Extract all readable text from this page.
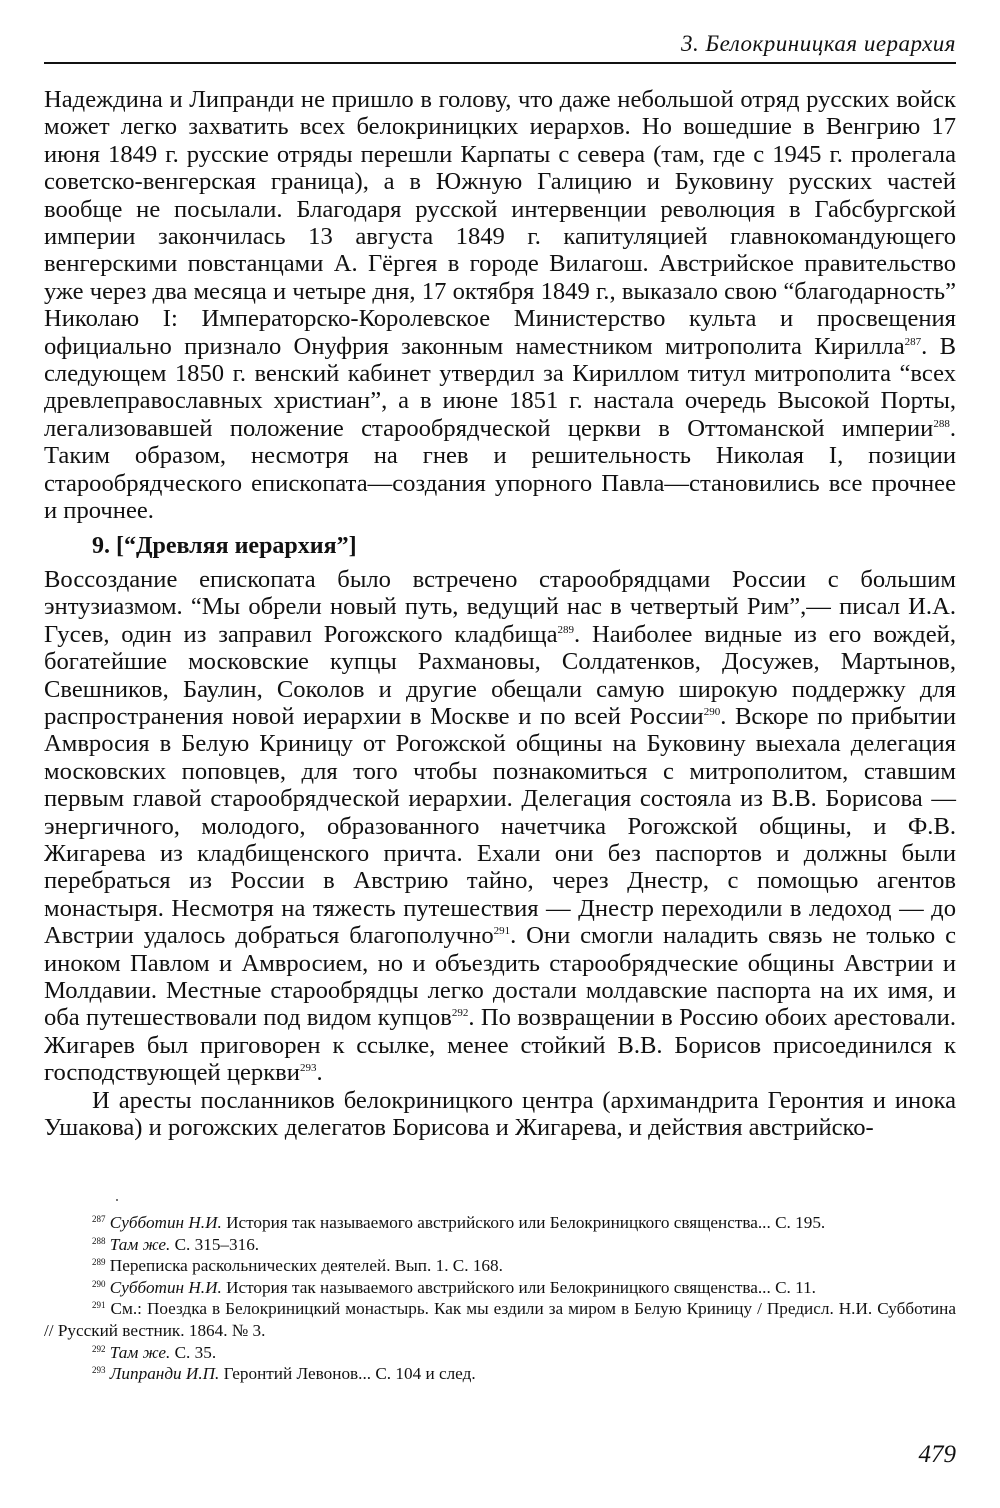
3. Белокриницкая иерархия

Надеждина и Липранди не пришло в голову, что даже небольшой отряд русских войск может легко захватить всех белокриницких иерархов. Но вошедшие в Венгрию 17 июня 1849 г. русские отряды перешли Карпаты с севера (там, где с 1945 г. пролегала советско-венгерская граница), а в Южную Галицию и Буковину русских частей вообще не посылали. Благодаря русской интервенции революция в Габсбургской империи закончилась 13 августа 1849 г. капитуляцией главнокомандующего венгерскими повстанцами А. Гёргея в городе Вилагош. Австрийское правительство уже через два месяца и четыре дня, 17 октября 1849 г., выказало свою “благодарность” Николаю I: Императорско-Королевское Министерство культа и просвещения официально признало Онуфрия законным наместником митрополита Кирилла$^{287}$. В следующем 1850 г. венский кабинет утвердил за Кириллом титул митрополита “всех древлеправославных христиан”, а в июне 1851 г. настала очередь Высокой Порты, легализовавшей положение старообрядческой церкви в Оттоманской империи$^{288}$. Таким образом, несмотря на гнев и решительность Николая I, позиции старообрядческого епископата—создания упорного Павла—становились все прочнее и прочнее.

9. [“Древляя иерархия”]

Воссоздание епископата было встречено старообрядцами России с большим энтузиазмом. “Мы обрели новый путь, ведущий нас в четвертый Рим”,— писал И.А. Гусев, один из заправил Рогожского кладбища$^{289}$. Наиболее видные из его вождей, богатейшие московские купцы Рахмановы, Солдатенков, Досужев, Мартынов, Свешников, Баулин, Соколов и другие обещали самую широкую поддержку для распространения новой иерархии в Москве и по всей России$^{290}$. Вскоре по прибытии Амвросия в Белую Криницу от Рогожской общины на Буковину выехала делегация московских поповцев, для того чтобы познакомиться с митрополитом, ставшим первым главой старообрядческой иерархии. Делегация состояла из В.В. Борисова — энергичного, молодого, образованного начетчика Рогожской общины, и Ф.В. Жигарева из кладбищенского причта. Ехали они без паспортов и должны были перебраться из России в Австрию тайно, через Днестр, с помощью агентов монастыря. Несмотря на тяжесть путешествия — Днестр переходили в ледоход — до Австрии удалось добраться благополучно$^{291}$. Они смогли наладить связь не только с иноком Павлом и Амвросием, но и объездить старообрядческие общины Австрии и Молдавии. Местные старообрядцы легко достали молдавские паспорта на их имя, и оба путешествовали под видом купцов$^{292}$. По возвращении в Россию обоих арестовали. Жигарев был приговорен к ссылке, менее стойкий В.В. Борисов присоединился к господствующей церкви$^{293}$.

И аресты посланников белокриницкого центра (архимандрита Геронтия и инока Ушакова) и рогожских делегатов Борисова и Жигарева, и действия австрийско-

$^{287}$ Субботин Н.И. История так называемого австрийского или Белокриницкого священства... С. 195.

$^{288}$ Там же. С. 315–316.

$^{289}$ Переписка раскольнических деятелей. Вып. 1. С. 168.

$^{290}$ Субботин Н.И. История так называемого австрийского или Белокриницкого священства... С. 11.

$^{291}$ См.: Поездка в Белокриницкий монастырь. Как мы ездили за миром в Белую Криницу / Предисл. Н.И. Субботина // Русский вестник. 1864. № 3.

$^{292}$ Там же. С. 35.

$^{293}$ Липранди И.П. Геронтий Левонов... С. 104 и след.

479
